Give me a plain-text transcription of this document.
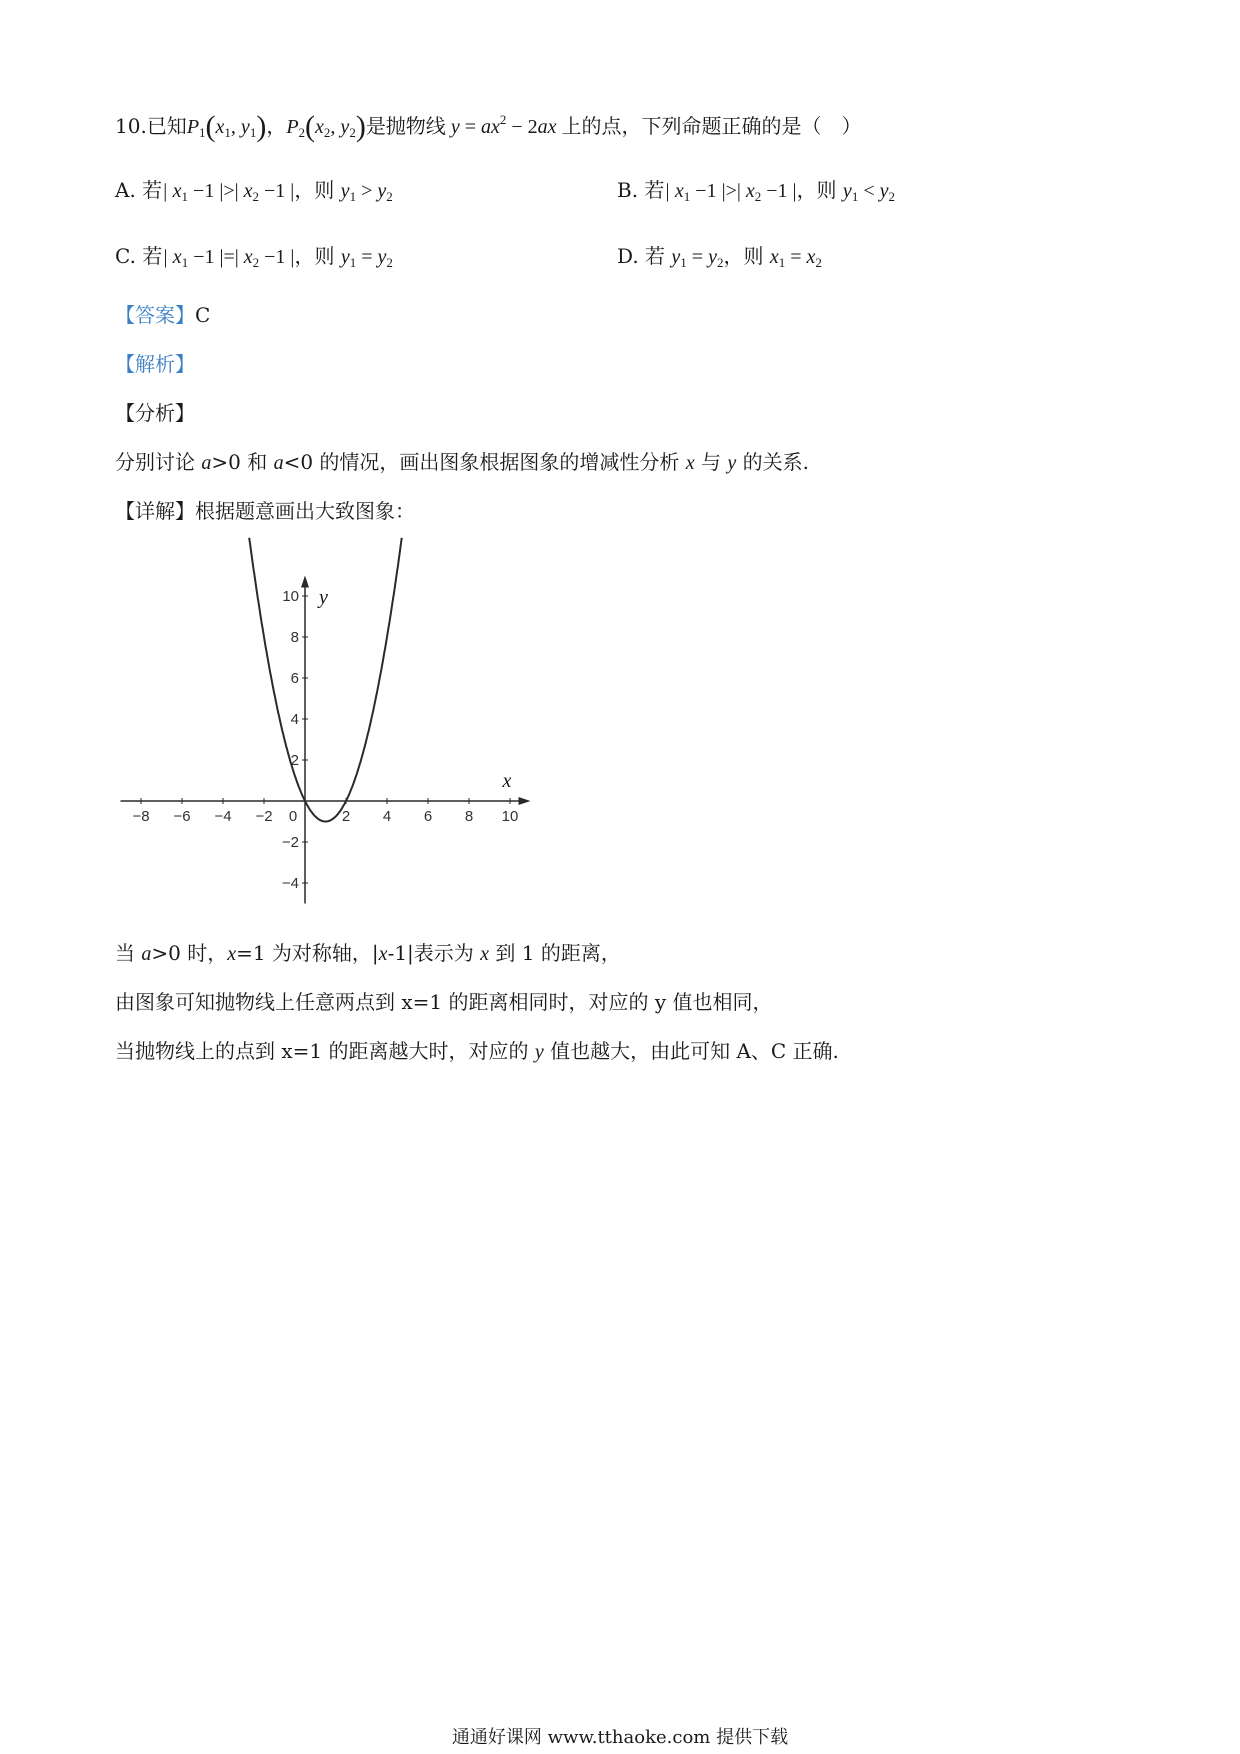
10.已知$P_1(x_1$, $y_1$)，$P_2(x_2$, $y_2$)是抛物线 $y = ax^2 - 2ax$ 上的点，下列命题正确的是（　）
A. 若| $x_1 -1$ |>| $x_2 -1$ |，则 $y_1 > y_2$	B. 若| $x_1 -1$ |>| $x_2 -1$ |，则 $y_1 < y_2$
C. 若| $x_1 -1$ |=| $x_2 -1$ |，则 $y_1 = y_2$	D. 若 $y_1 = y_2$，则 $x_1 = x_2$
【答案】C
【解析】
【分析】
分别讨论 a>0 和 a<0 的情况，画出图象根据图象的增减性分析 x 与 y 的关系.
【详解】根据题意画出大致图象：
−8 −6 −4 −2 0	2 4 6 8 10
10
8
6
4
2
−2
−4
x
y
当 a>0 时，x=1 为对称轴，|x-1|表示为 x 到 1 的距离，
由图象可知抛物线上任意两点到 x=1 的距离相同时，对应的 y 值也相同，
当抛物线上的点到 x=1 的距离越大时，对应的 y 值也越大，由此可知 A、C 正确.
通通好课网 www.tthaoke.com 提供下载
